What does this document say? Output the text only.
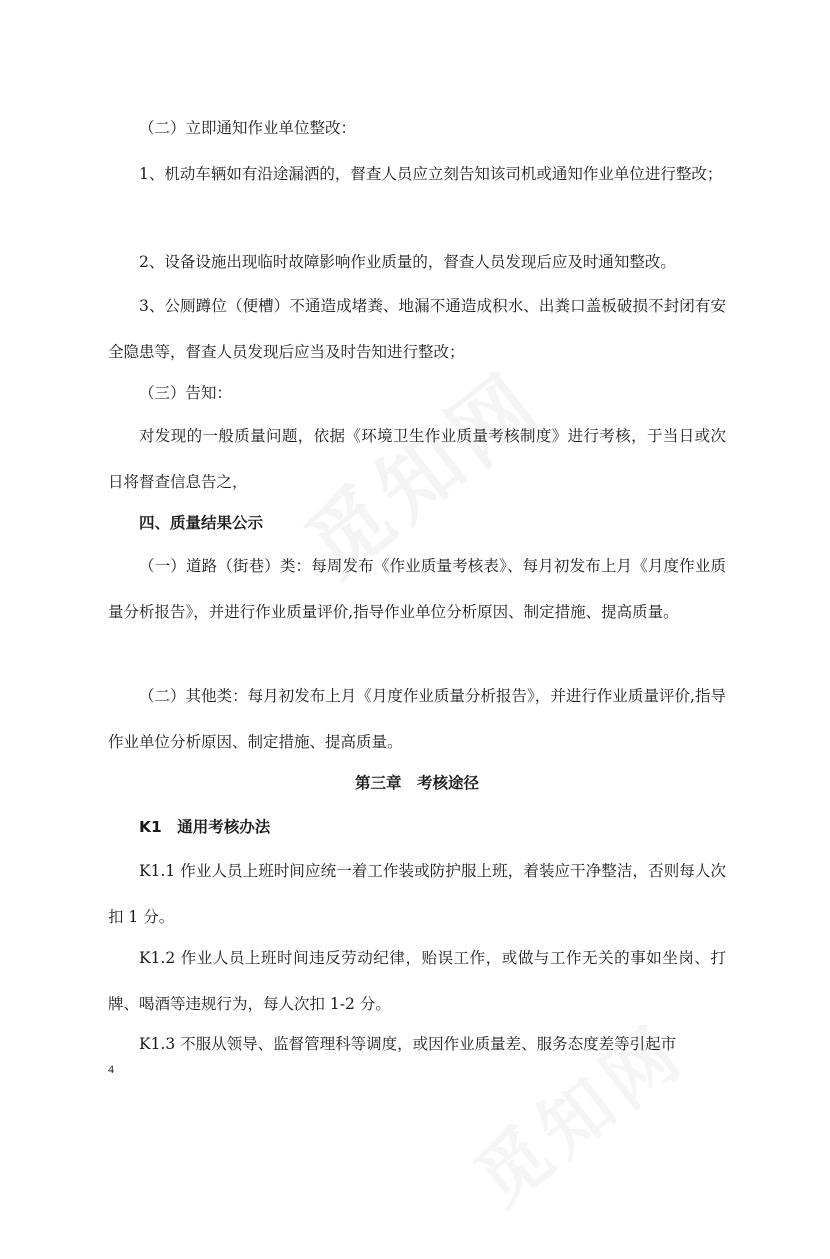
（二）立即通知作业单位整改：

1、机动车辆如有沿途漏洒的，督查人员应立刻告知该司机或通知作业单位进行整改；

2、设备设施出现临时故障影响作业质量的，督查人员发现后应及时通知整改。

3、公厕蹲位（便槽）不通造成堵粪、地漏不通造成积水、出粪口盖板破损不封闭有安全隐患等，督查人员发现后应当及时告知进行整改；

（三）告知：

对发现的一般质量问题，依据《环境卫生作业质量考核制度》进行考核，于当日或次日将督查信息告之，

四、质量结果公示

（一）道路（街巷）类：每周发布《作业质量考核表》、每月初发布上月《月度作业质量分析报告》，并进行作业质量评价,指导作业单位分析原因、制定措施、提高质量。

（二）其他类：每月初发布上月《月度作业质量分析报告》，并进行作业质量评价,指导作业单位分析原因、制定措施、提高质量。

第三章　考核途径

K1　通用考核办法

K1.1 作业人员上班时间应统一着工作装或防护服上班，着装应干净整洁，否则每人次扣 1 分。

K1.2 作业人员上班时间违反劳动纪律，贻误工作，或做与工作无关的事如坐岗、打牌、喝酒等违规行为，每人次扣 1-2 分。

K1.3 不服从领导、监督管理科等调度，或因作业质量差、服务态度差等引起市

4
